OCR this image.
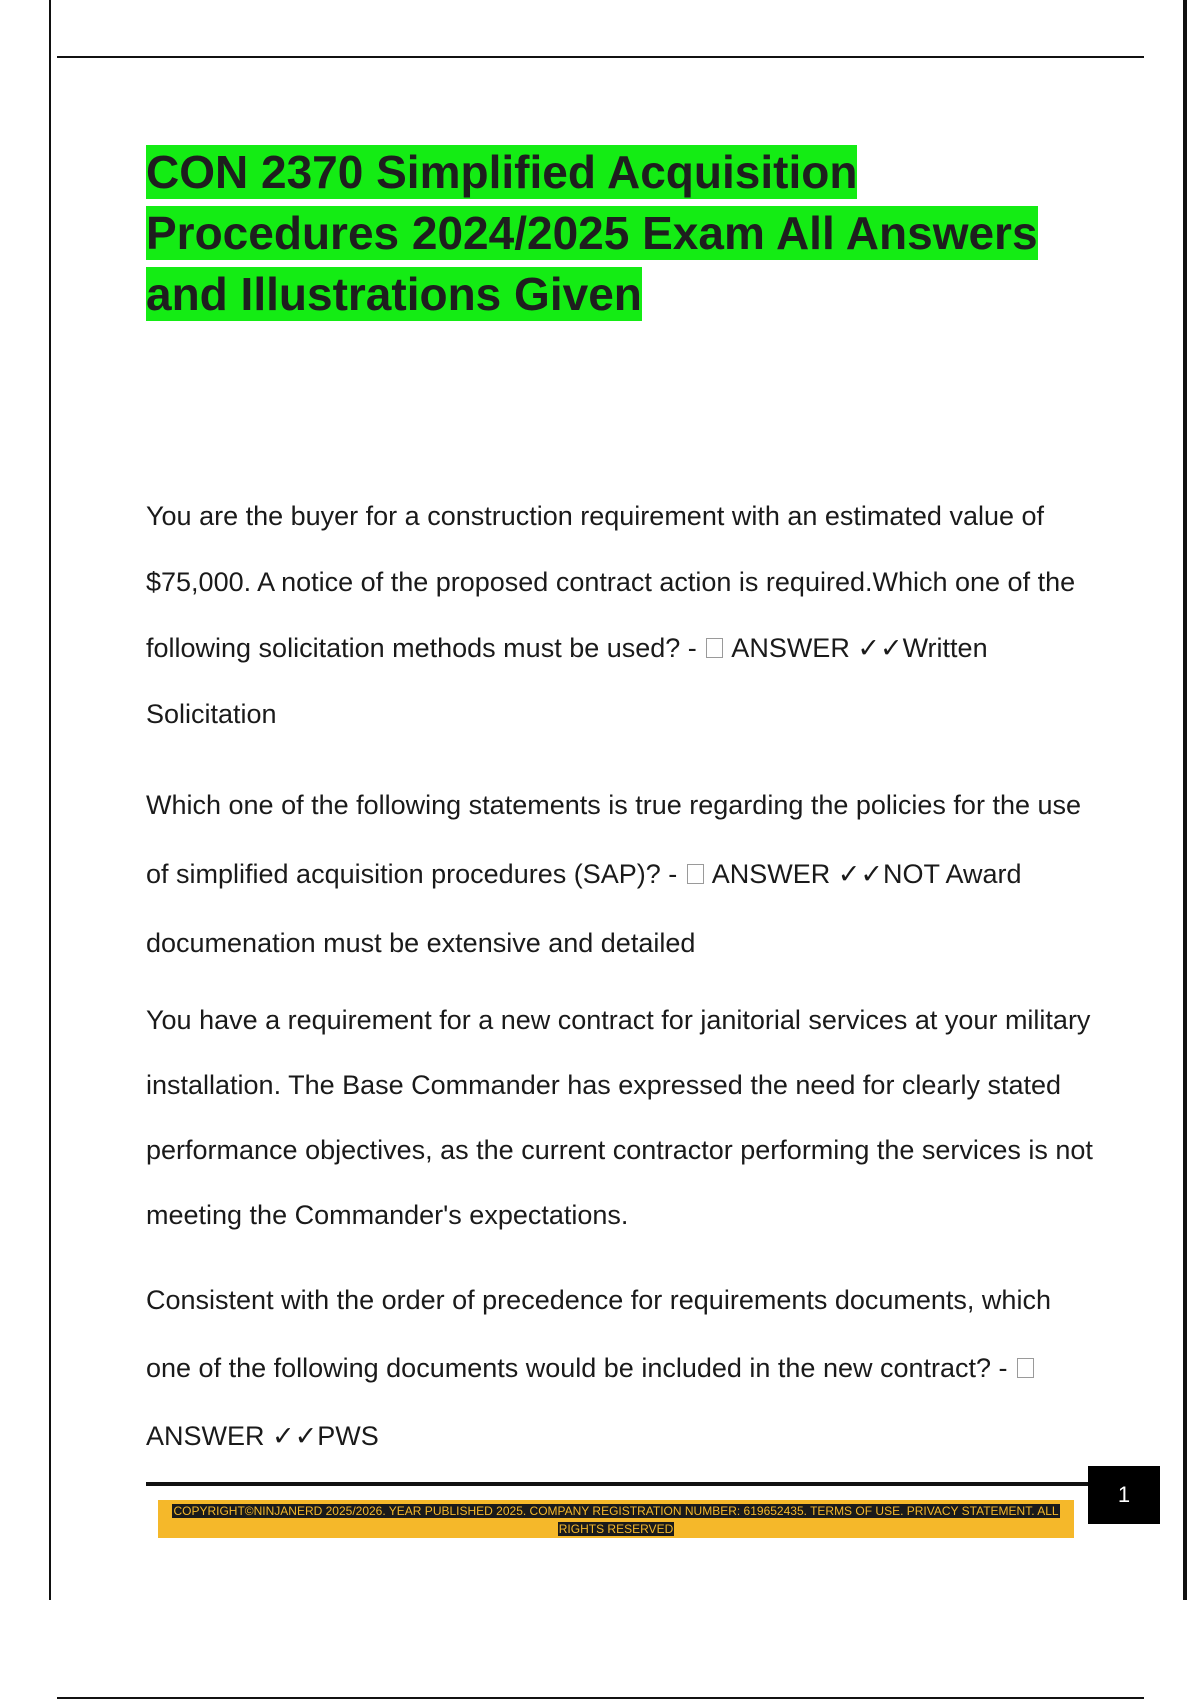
CON 2370 Simplified Acquisition Procedures 2024/2025 Exam All Answers and Illustrations Given

You are the buyer for a construction requirement with an estimated value of $75,000. A notice of the proposed contract action is required.Which one of the following solicitation methods must be used? -  ANSWER ✓✓Written Solicitation

Which one of the following statements is true regarding the policies for the use of simplified acquisition procedures (SAP)? -  ANSWER ✓✓NOT Award documenation must be extensive and detailed

You have a requirement for a new contract for janitorial services at your military installation. The Base Commander has expressed the need for clearly stated performance objectives, as the current contractor performing the services is not meeting the Commander's expectations.

Consistent with the order of precedence for requirements documents, which one of the following documents would be included in the new contract? -  ANSWER ✓✓PWS

COPYRIGHT©NINJANERD 2025/2026. YEAR PUBLISHED 2025. COMPANY REGISTRATION NUMBER: 619652435. TERMS OF USE. PRIVACY STATEMENT. ALL RIGHTS RESERVED
1
